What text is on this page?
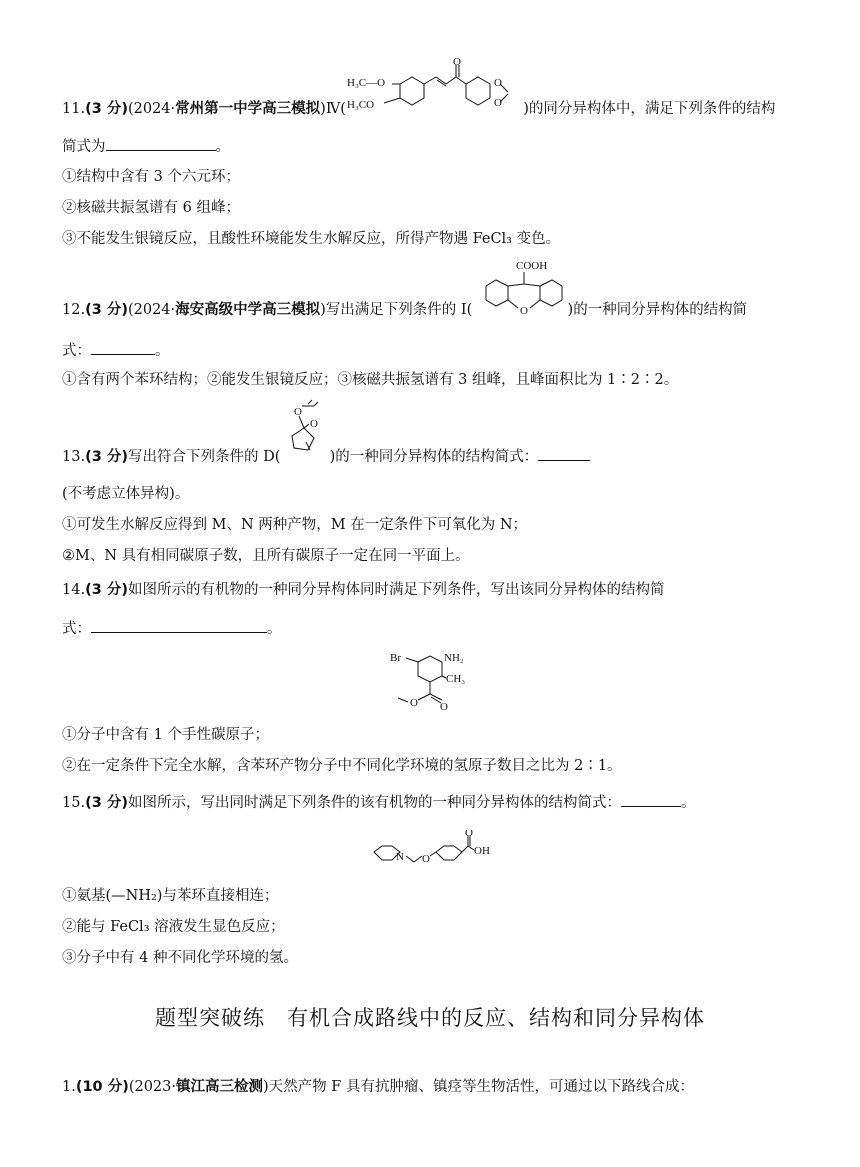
11.(3 分)(2024·常州第一中学高三模拟)Ⅳ(	)的同分异构体中，满足下列条件的结构
H₃C—O
H₃CO
O
O
O
简式为	。
①结构中含有 3 个六元环；
②核磁共振氢谱有 6 组峰；
③不能发生银镜反应，且酸性环境能发生水解反应，所得产物遇 FeCl₃ 变色。
12.(3 分)(2024·海安高级中学高三模拟)写出满足下列条件的 I(	)的一种同分异构体的结构简
COOH
O
式：	。
①含有两个苯环结构；②能发生银镜反应；③核磁共振氢谱有 3 组峰，且峰面积比为 1∶2∶2。
13.(3 分)写出符合下列条件的 D(	)的一种同分异构体的结构简式：
O
O
(不考虑立体异构)。
①可发生水解反应得到 M、N 两种产物，M 在一定条件下可氧化为 N；
②M、N 具有相同碳原子数，且所有碳原子一定在同一平面上。
14.(3 分)如图所示的有机物的一种同分异构体同时满足下列条件，写出该同分异构体的结构简
式：	。
Br	NH₂
CH₃
O
O
①分子中含有 1 个手性碳原子；
②在一定条件下完全水解，含苯环产物分子中不同化学环境的氢原子数目之比为 2∶1。
15.(3 分)如图所示，写出同时满足下列条件的该有机物的一种同分异构体的结构简式：	。
N O
O
OH
①氨基(—NH₂)与苯环直接相连；
②能与 FeCl₃ 溶液发生显色反应；
③分子中有 4 种不同化学环境的氢。
题型突破练　有机合成路线中的反应、结构和同分异构体
1.(10 分)(2023·镇江高三检测)天然产物 F 具有抗肿瘤、镇痉等生物活性，可通过以下路线合成：
